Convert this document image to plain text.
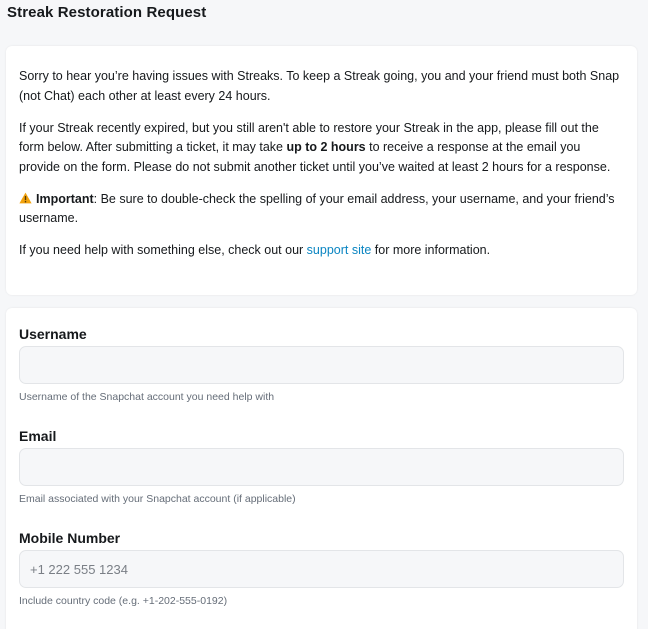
Streak Restoration Request

Sorry to hear you’re having issues with Streaks. To keep a Streak going, you and your friend must both Snap (not Chat) each other at least every 24 hours.

If your Streak recently expired, but you still aren't able to restore your Streak in the app, please fill out the form below. After submitting a ticket, it may take up to 2 hours to receive a response at the email you provide on the form. Please do not submit another ticket until you’ve waited at least 2 hours for a response.

Important: Be sure to double-check the spelling of your email address, your username, and your friend’s username.

If you need help with something else, check out our support site for more information.

Username
Username of the Snapchat account you need help with
Email
Email associated with your Snapchat account (if applicable)
Mobile Number
+1 222 555 1234
Include country code (e.g. +1-202-555-0192)
